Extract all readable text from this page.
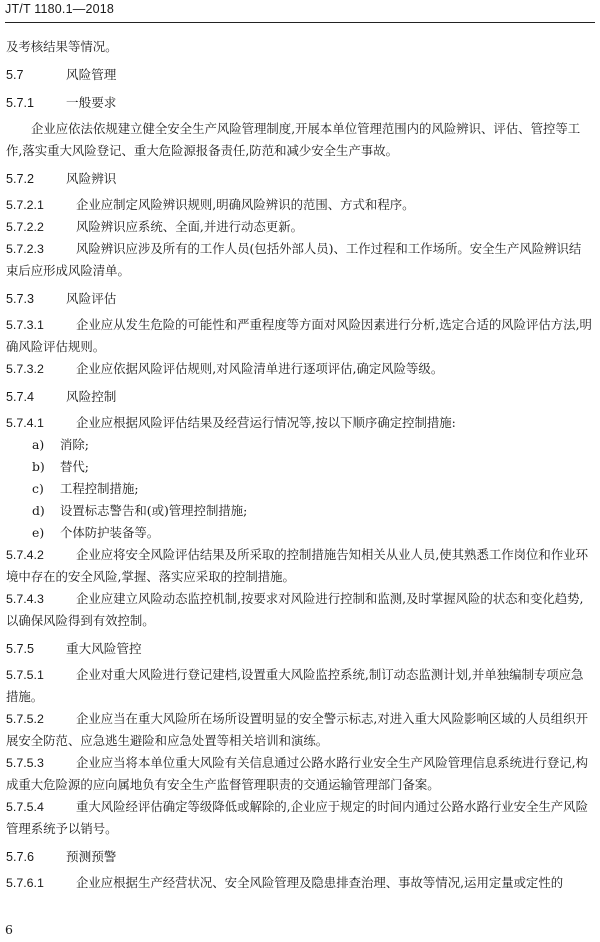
JT/T 1180.1—2018

及考核结果等情况。

5.7	风险管理
5.7.1	一般要求

企业应依法依规建立健全安全生产风险管理制度,开展本单位管理范围内的风险辨识、评估、管控等工作,落实重大风险登记、重大危险源报备责任,防范和减少安全生产事故。

5.7.2	风险辨识

5.7.2.1	企业应制定风险辨识规则,明确风险辨识的范围、方式和程序。

5.7.2.2	风险辨识应系统、全面,并进行动态更新。

5.7.2.3	风险辨识应涉及所有的工作人员(包括外部人员)、工作过程和工作场所。安全生产风险辨识结束后应形成风险清单。

5.7.3	风险评估

5.7.3.1	企业应从发生危险的可能性和严重程度等方面对风险因素进行分析,选定合适的风险评估方法,明确风险评估规则。

5.7.3.2	企业应依据风险评估规则,对风险清单进行逐项评估,确定风险等级。

5.7.4	风险控制

5.7.4.1	企业应根据风险评估结果及经营运行情况等,按以下顺序确定控制措施:

a) 消除;

b) 替代;

c) 工程控制措施;

d) 设置标志警告和(或)管理控制措施;

e) 个体防护装备等。

5.7.4.2	企业应将安全风险评估结果及所采取的控制措施告知相关从业人员,使其熟悉工作岗位和作业环境中存在的安全风险,掌握、落实应采取的控制措施。

5.7.4.3	企业应建立风险动态监控机制,按要求对风险进行控制和监测,及时掌握风险的状态和变化趋势,以确保风险得到有效控制。

5.7.5	重大风险管控

5.7.5.1	企业对重大风险进行登记建档,设置重大风险监控系统,制订动态监测计划,并单独编制专项应急措施。

5.7.5.2	企业应当在重大风险所在场所设置明显的安全警示标志,对进入重大风险影响区域的人员组织开展安全防范、应急逃生避险和应急处置等相关培训和演练。

5.7.5.3	企业应当将本单位重大风险有关信息通过公路水路行业安全生产风险管理信息系统进行登记,构成重大危险源的应向属地负有安全生产监督管理职责的交通运输管理部门备案。

5.7.5.4	重大风险经评估确定等级降低或解除的,企业应于规定的时间内通过公路水路行业安全生产风险管理系统予以销号。

5.7.6	预测预警

5.7.6.1	企业应根据生产经营状况、安全风险管理及隐患排查治理、事故等情况,运用定量或定性的

6
